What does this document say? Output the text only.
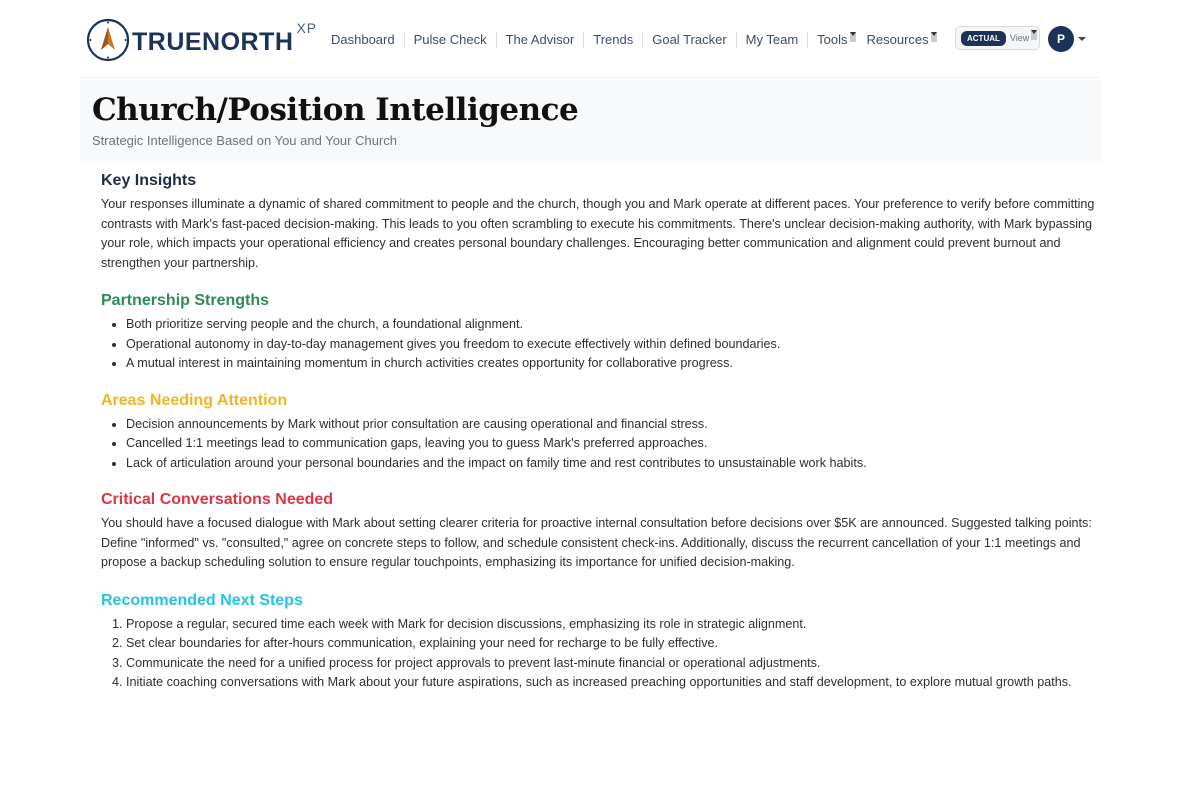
TRUENORTH XP
Dashboard	Pulse Check	The Advisor	Trends	Goal Tracker	My Team	Tools	Resources	ACTUAL	View	P
Church/Position Intelligence
Strategic Intelligence Based on You and Your Church
Key Insights

Your responses illuminate a dynamic of shared commitment to people and the church, though you and Mark operate at different paces. Your preference to verify before committing contrasts with Mark's fast-paced decision-making. This leads to you often scrambling to execute his commitments. There's unclear decision-making authority, with Mark bypassing your role, which impacts your operational efficiency and creates personal boundary challenges. Encouraging better communication and alignment could prevent burnout and strengthen your partnership.

Partnership Strengths
• Both prioritize serving people and the church, a foundational alignment.
• Operational autonomy in day-to-day management gives you freedom to execute effectively within defined boundaries.
• A mutual interest in maintaining momentum in church activities creates opportunity for collaborative progress.
Areas Needing Attention
• Decision announcements by Mark without prior consultation are causing operational and financial stress.
• Cancelled 1:1 meetings lead to communication gaps, leaving you to guess Mark's preferred approaches.
• Lack of articulation around your personal boundaries and the impact on family time and rest contributes to unsustainable work habits.
Critical Conversations Needed

You should have a focused dialogue with Mark about setting clearer criteria for proactive internal consultation before decisions over $5K are announced. Suggested talking points: Define "informed" vs. "consulted," agree on concrete steps to follow, and schedule consistent check-ins. Additionally, discuss the recurrent cancellation of your 1:1 meetings and propose a backup scheduling solution to ensure regular touchpoints, emphasizing its importance for unified decision-making.

Recommended Next Steps
1. Propose a regular, secured time each week with Mark for decision discussions, emphasizing its role in strategic alignment.
2. Set clear boundaries for after-hours communication, explaining your need for recharge to be fully effective.
3. Communicate the need for a unified process for project approvals to prevent last-minute financial or operational adjustments.
4. Initiate coaching conversations with Mark about your future aspirations, such as increased preaching opportunities and staff development, to explore mutual growth paths.
